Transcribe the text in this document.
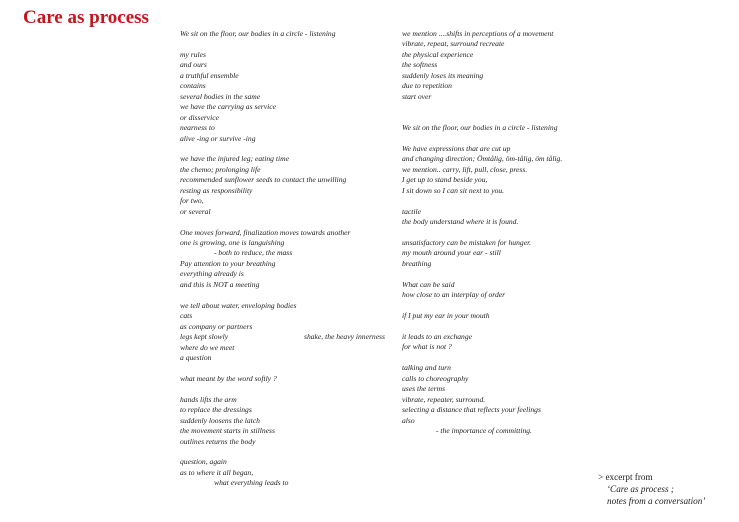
Care as process
We sit on the floor, our bodies in a circle - listening
my rules
and ours
a truthful ensemble
contains
several bodies in the same
we have the carrying as service
or disservice
nearness to
alive -ing or survive -ing
we have the injured leg; eating time
the chemo; prolonging life
recommended sunflower seeds to contact the unwilling
resting as responsibility
for two,
or several
One moves forward, finalization moves towards another
one is growing, one is languishing
- both to reduce, the mass
Pay attention to your breathing
everything already is
and this is NOT a meeting
we tell about water, enveloping bodies
cats
as company or partners
legs kept slowly	shake, the heavy innerness
where do we meet
a question
what meant by the word softly ?
hands lifts the arm
to replace the dressings
suddenly loosens the latch
the movement starts in stillness
outlines returns the body
question, again
as to where it all began,
what everything leads to
we mention ....shifts in perceptions of a movement
vibrate, repeat, surround recreate
the physical experience
the softness
suddenly loses its meaning
due to repetition
start over
We sit on the floor, our bodies in a circle - listening
We have expressions that are cut up
and changing direction; Ömtålig, öm-tålig, öm tålig.
we mention.. carry, lift, pull, close, press.
I get up to stand beside you,
I sit down so I can sit next to you.
tactile
the body understand where it is found.
unsatisfactory can be mistaken for hunger.
my mouth around your ear - still
breathing
What can be said
how close to an interplay of order
if I put my ear in your mouth
it leads to an exchange
for what is not ?
talking and turn
calls to choreography
uses the terms
vibrate, repeater, surround.
selecting a distance that reflects your feelings
also
- the importance of committing.
> excerpt from
‘Care as process ;
notes from a conversation’
